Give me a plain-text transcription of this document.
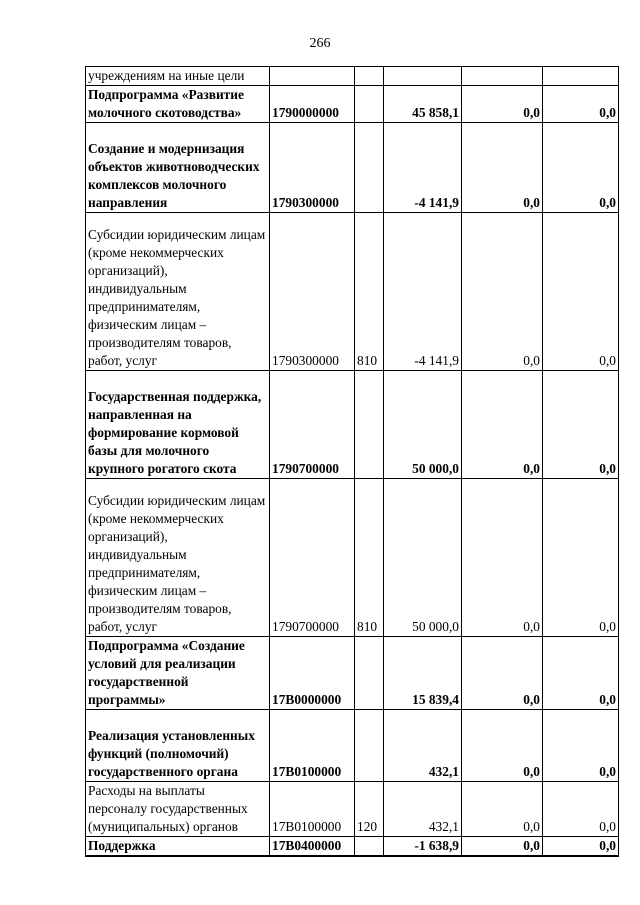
266
учреждениям на иные цели					
Подпрограмма «Развитие молочного скотоводства»	1790000000		45 858,1	0,0	0,0
Создание и модернизация объектов животноводческих комплексов молочного направления	1790300000		-4 141,9	0,0	0,0
Субсидии юридическим лицам (кроме некоммерческих организаций), индивидуальным предпринимателям, физическим лицам – производителям товаров, работ, услуг	1790300000	810	-4 141,9	0,0	0,0
Государственная поддержка, направленная на формирование кормовой базы для молочного крупного рогатого скота	1790700000		50 000,0	0,0	0,0
Субсидии юридическим лицам (кроме некоммерческих организаций), индивидуальным предпринимателям, физическим лицам – производителям товаров, работ, услуг	1790700000	810	50 000,0	0,0	0,0
Подпрограмма «Создание условий для реализации государственной программы»	17В0000000		15 839,4	0,0	0,0
Реализация установленных функций (полномочий) государственного органа	17В0100000		432,1	0,0	0,0
Расходы на выплаты персоналу государственных (муниципальных) органов	17В0100000	120	432,1	0,0	0,0
Поддержка	17В0400000		-1 638,9	0,0	0,0
